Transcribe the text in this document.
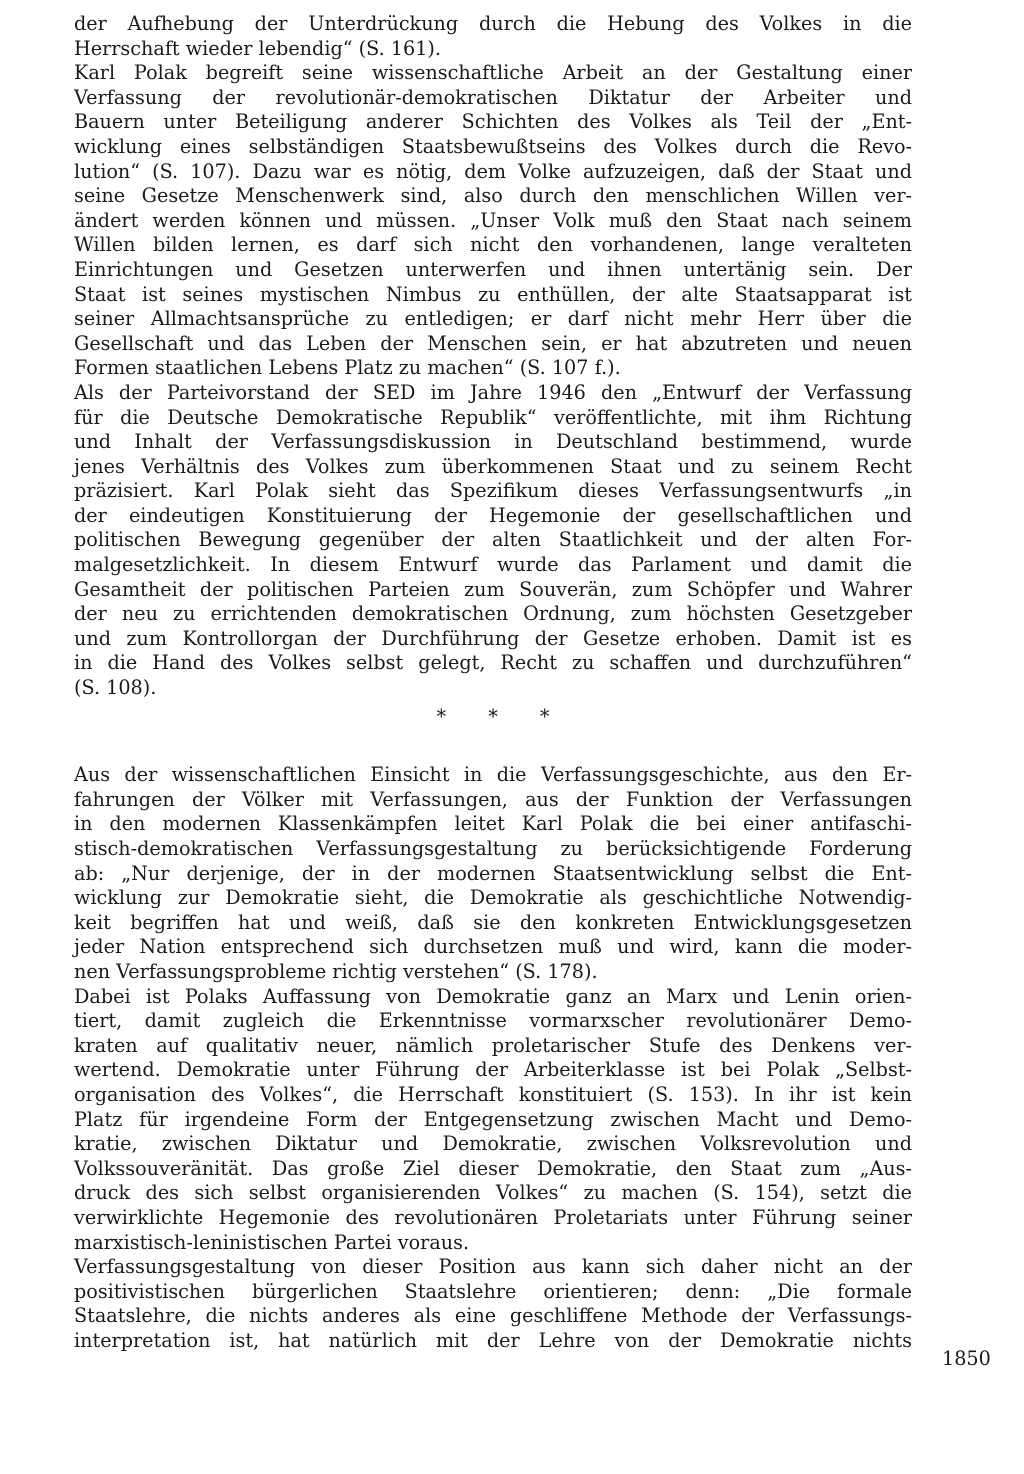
der Aufhebung der Unterdrückung durch die Hebung des Volkes in die
Herrschaft wieder lebendig“ (S. 161).
Karl Polak begreift seine wissenschaftliche Arbeit an der Gestaltung einer
Verfassung der revolutionär-demokratischen Diktatur der Arbeiter und
Bauern unter Beteiligung anderer Schichten des Volkes als Teil der „Ent-
wicklung eines selbständigen Staatsbewußtseins des Volkes durch die Revo-
lution“ (S. 107). Dazu war es nötig, dem Volke aufzuzeigen, daß der Staat und
seine Gesetze Menschenwerk sind, also durch den menschlichen Willen ver-
ändert werden können und müssen. „Unser Volk muß den Staat nach seinem
Willen bilden lernen, es darf sich nicht den vorhandenen, lange veralteten
Einrichtungen und Gesetzen unterwerfen und ihnen untertänig sein. Der
Staat ist seines mystischen Nimbus zu enthüllen, der alte Staatsapparat ist
seiner Allmachtsansprüche zu entledigen; er darf nicht mehr Herr über die
Gesellschaft und das Leben der Menschen sein, er hat abzutreten und neuen
Formen staatlichen Lebens Platz zu machen“ (S. 107 f.).
Als der Parteivorstand der SED im Jahre 1946 den „Entwurf der Verfassung
für die Deutsche Demokratische Republik“ veröffentlichte, mit ihm Richtung
und Inhalt der Verfassungsdiskussion in Deutschland bestimmend, wurde
jenes Verhältnis des Volkes zum überkommenen Staat und zu seinem Recht
präzisiert. Karl Polak sieht das Spezifikum dieses Verfassungsentwurfs „in
der eindeutigen Konstituierung der Hegemonie der gesellschaftlichen und
politischen Bewegung gegenüber der alten Staatlichkeit und der alten For-
malgesetzlichkeit. In diesem Entwurf wurde das Parlament und damit die
Gesamtheit der politischen Parteien zum Souverän, zum Schöpfer und Wahrer
der neu zu errichtenden demokratischen Ordnung, zum höchsten Gesetzgeber
und zum Kontrollorgan der Durchführung der Gesetze erhoben. Damit ist es
in die Hand des Volkes selbst gelegt, Recht zu schaffen und durchzuführen“
(S. 108).
* * *
Aus der wissenschaftlichen Einsicht in die Verfassungsgeschichte, aus den Er-
fahrungen der Völker mit Verfassungen, aus der Funktion der Verfassungen
in den modernen Klassenkämpfen leitet Karl Polak die bei einer antifaschi-
stisch-demokratischen Verfassungsgestaltung zu berücksichtigende Forderung
ab: „Nur derjenige, der in der modernen Staatsentwicklung selbst die Ent-
wicklung zur Demokratie sieht, die Demokratie als geschichtliche Notwendig-
keit begriffen hat und weiß, daß sie den konkreten Entwicklungsgesetzen
jeder Nation entsprechend sich durchsetzen muß und wird, kann die moder-
nen Verfassungsprobleme richtig verstehen“ (S. 178).
Dabei ist Polaks Auffassung von Demokratie ganz an Marx und Lenin orien-
tiert, damit zugleich die Erkenntnisse vormarxscher revolutionärer Demo-
kraten auf qualitativ neuer, nämlich proletarischer Stufe des Denkens ver-
wertend. Demokratie unter Führung der Arbeiterklasse ist bei Polak „Selbst-
organisation des Volkes“, die Herrschaft konstituiert (S. 153). In ihr ist kein
Platz für irgendeine Form der Entgegensetzung zwischen Macht und Demo-
kratie, zwischen Diktatur und Demokratie, zwischen Volksrevolution und
Volkssouveränität. Das große Ziel dieser Demokratie, den Staat zum „Aus-
druck des sich selbst organisierenden Volkes“ zu machen (S. 154), setzt die
verwirklichte Hegemonie des revolutionären Proletariats unter Führung seiner
marxistisch-leninistischen Partei voraus.
Verfassungsgestaltung von dieser Position aus kann sich daher nicht an der
positivistischen bürgerlichen Staatslehre orientieren; denn: „Die formale
Staatslehre, die nichts anderes als eine geschliffene Methode der Verfassungs-
interpretation ist, hat natürlich mit der Lehre von der Demokratie nichts
1850
